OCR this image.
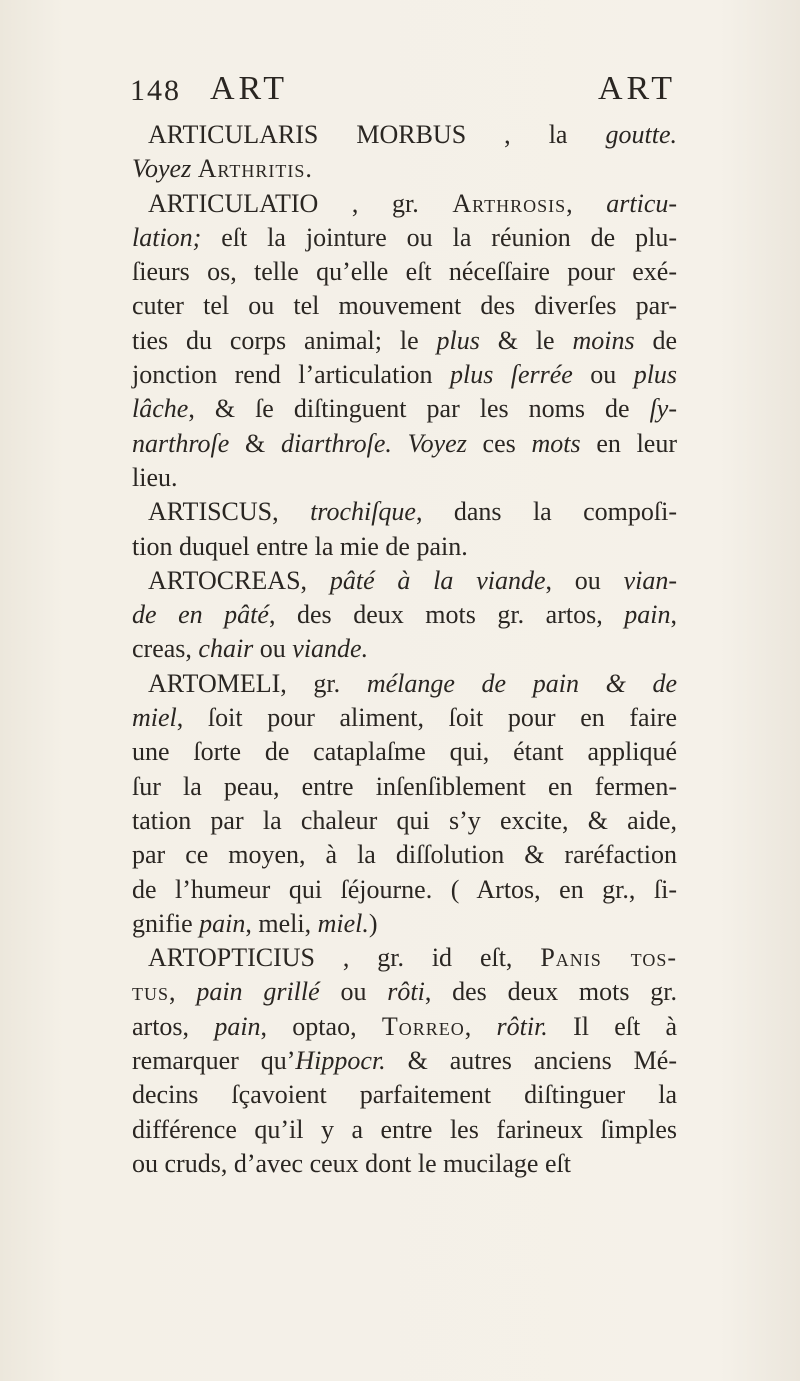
148 ART	ART
ARTICULARIS MORBUS , la goutte.
Voyez Arthritis.
ARTICULATIO , gr. Arthrosis, articu-
lation; eſt la jointure ou la réunion de plu-
ſieurs os, telle qu’elle eſt néceſſaire pour exé-
cuter tel ou tel mouvement des diverſes par-
ties du corps animal; le plus & le moins de
jonction rend l’articulation plus ſerrée ou plus
lâche, & ſe diſtinguent par les noms de ſy-
narthroſe & diarthroſe. Voyez ces mots en leur
lieu.
ARTISCUS, trochiſque, dans la compoſi-
tion duquel entre la mie de pain.
ARTOCREAS, pâté à la viande, ou vian-
de en pâté, des deux mots gr. artos, pain,
creas, chair ou viande.
ARTOMELI, gr. mélange de pain & de
miel, ſoit pour aliment, ſoit pour en faire
une ſorte de cataplaſme qui, étant appliqué
ſur la peau, entre inſenſiblement en fermen-
tation par la chaleur qui s’y excite, & aide,
par ce moyen, à la diſſolution & raréfaction
de l’humeur qui ſéjourne. ( Artos, en gr., ſi-
gnifie pain, meli, miel.)
ARTOPTICIUS , gr. id eſt, Panis tos-
tus, pain grillé ou rôti, des deux mots gr.
artos, pain, optao, Torreo, rôtir. Il eſt à
remarquer qu’Hippocr. & autres anciens Mé-
decins ſçavoient parfaitement diſtinguer la
différence qu’il y a entre les farineux ſimples
ou cruds, d’avec ceux dont le mucilage eſt
